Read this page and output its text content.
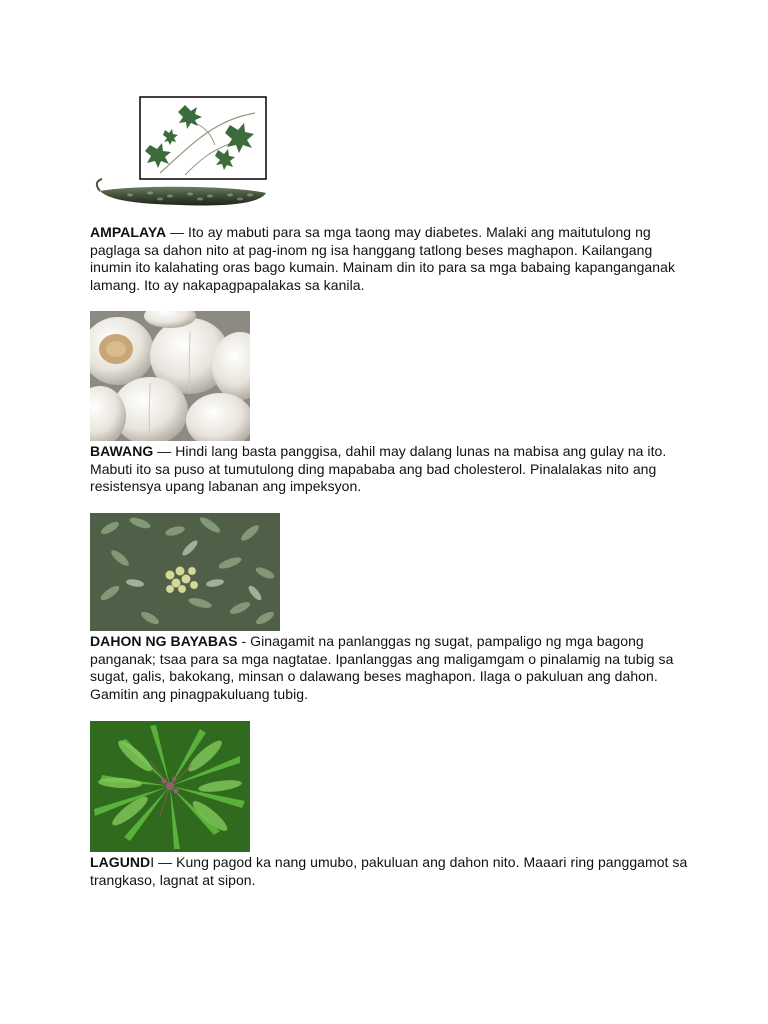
AMPALAYA — Ito ay mabuti para sa mga taong may diabetes. Malaki ang maitutulong ng paglaga sa dahon nito at pag-inom ng isa hanggang tatlong beses maghapon. Kailangang inumin ito kalahating oras bago kumain. Mainam din ito para sa mga babaing kapanganganak lamang. Ito ay nakapagpapalakas sa kanila.

BAWANG — Hindi lang basta panggisa, dahil may dalang lunas na mabisa ang gulay na ito. Mabuti ito sa puso at tumutulong ding mapababa ang bad cholesterol. Pinalalakas nito ang resistensya upang labanan ang impeksyon.

DAHON NG BAYABAS - Ginagamit na panlanggas ng sugat, pampaligo ng mga bagong panganak; tsaa para sa mga nagtatae. Ipanlanggas ang maligamgam o pinalamig na tubig sa sugat, galis, bakokang, minsan o dalawang beses maghapon. Ilaga o pakuluan ang dahon. Gamitin ang pinagpakuluang tubig.

LAGUNDI — Kung pagod ka nang umubo, pakuluan ang dahon nito. Maaari ring panggamot sa trangkaso, lagnat at sipon.
